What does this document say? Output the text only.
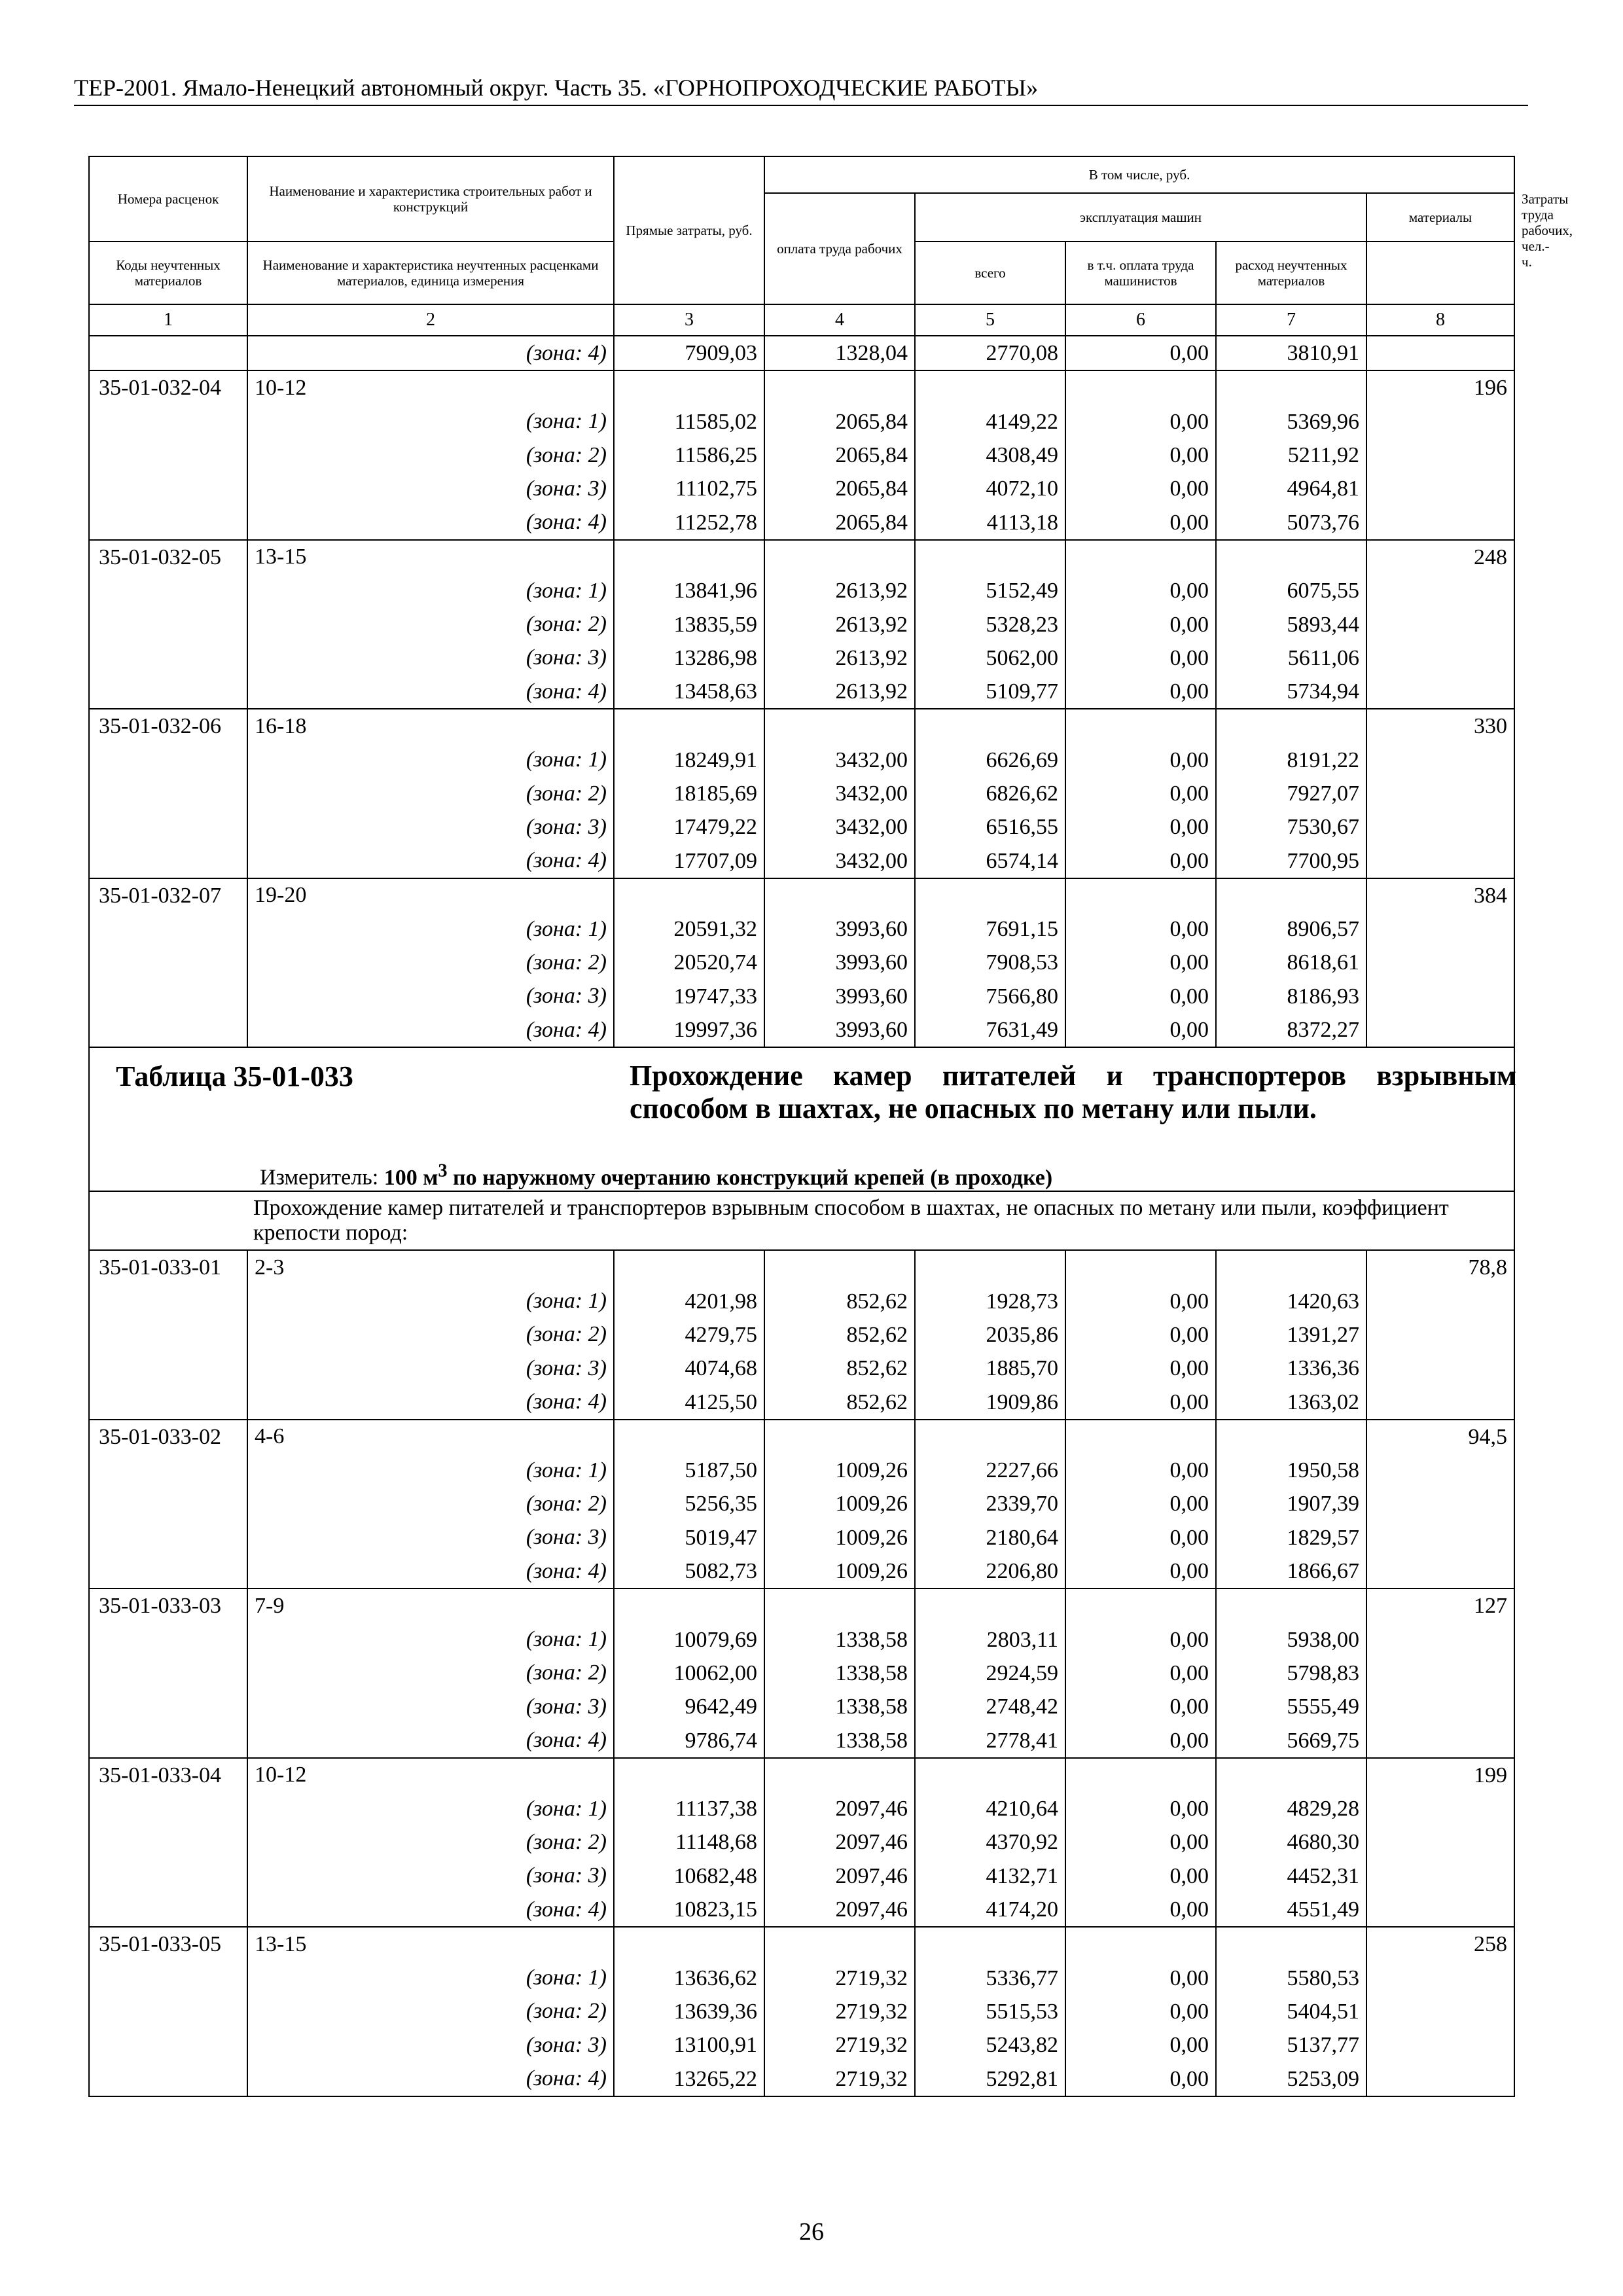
ТЕР-2001. Ямало-Ненецкий автономный округ. Часть 35. «ГОРНОПРОХОДЧЕСКИЕ РАБОТЫ»
Номера расценок	Наименование и характеристика строительных работ и конструкций	Прямые затраты, руб.	В том числе, руб.					Затраты труда рабочих, чел.-ч.
			оплата труда рабочих	эксплуатация машин			материалы	
Коды неучтенных материалов	Наименование и характеристика неучтенных расценками материалов, единица измерения			всего	в т.ч. оплата труда машинистов	расход неучтенных материалов		
1	2	3	4	5	6	7	8	
	(зона: 4)	7909,03	1328,04	2770,08	0,00	3810,91		
35-01-032-04	10-12						196	
	(зона: 1)	11585,02	2065,84	4149,22	0,00	5369,96		
	(зона: 2)	11586,25	2065,84	4308,49	0,00	5211,92		
	(зона: 3)	11102,75	2065,84	4072,10	0,00	4964,81		
	(зона: 4)	11252,78	2065,84	4113,18	0,00	5073,76		
35-01-032-05	13-15						248	
	(зона: 1)	13841,96	2613,92	5152,49	0,00	6075,55		
	(зона: 2)	13835,59	2613,92	5328,23	0,00	5893,44		
	(зона: 3)	13286,98	2613,92	5062,00	0,00	5611,06		
	(зона: 4)	13458,63	2613,92	5109,77	0,00	5734,94		
35-01-032-06	16-18						330	
	(зона: 1)	18249,91	3432,00	6626,69	0,00	8191,22		
	(зона: 2)	18185,69	3432,00	6826,62	0,00	7927,07		
	(зона: 3)	17479,22	3432,00	6516,55	0,00	7530,67		
	(зона: 4)	17707,09	3432,00	6574,14	0,00	7700,95		
35-01-032-07	19-20						384	
	(зона: 1)	20591,32	3993,60	7691,15	0,00	8906,57		
	(зона: 2)	20520,74	3993,60	7908,53	0,00	8618,61		
	(зона: 3)	19747,33	3993,60	7566,80	0,00	8186,93		
	(зона: 4)	19997,36	3993,60	7631,49	0,00	8372,27		

Таблица 35-01-033 Прохождение камер питателей и транспортеров взрывным способом в шахтах, не опасных по метану или пыли.
Измеритель: 100 $м^3$ по наружному очертанию конструкций крепей (в проходке)								

Прохождение камер питателей и транспортеров взрывным способом в шахтах, не опасных по метану или пыли, коэффициент крепости пород:								
35-01-033-01	2-3						78,8	
	(зона: 1)	4201,98	852,62	1928,73	0,00	1420,63		
	(зона: 2)	4279,75	852,62	2035,86	0,00	1391,27		
	(зона: 3)	4074,68	852,62	1885,70	0,00	1336,36		
	(зона: 4)	4125,50	852,62	1909,86	0,00	1363,02		
35-01-033-02	4-6						94,5	
	(зона: 1)	5187,50	1009,26	2227,66	0,00	1950,58		
	(зона: 2)	5256,35	1009,26	2339,70	0,00	1907,39		
	(зона: 3)	5019,47	1009,26	2180,64	0,00	1829,57		
	(зона: 4)	5082,73	1009,26	2206,80	0,00	1866,67		
35-01-033-03	7-9						127	
	(зона: 1)	10079,69	1338,58	2803,11	0,00	5938,00		
	(зона: 2)	10062,00	1338,58	2924,59	0,00	5798,83		
	(зона: 3)	9642,49	1338,58	2748,42	0,00	5555,49		
	(зона: 4)	9786,74	1338,58	2778,41	0,00	5669,75		
35-01-033-04	10-12						199	
	(зона: 1)	11137,38	2097,46	4210,64	0,00	4829,28		
	(зона: 2)	11148,68	2097,46	4370,92	0,00	4680,30		
	(зона: 3)	10682,48	2097,46	4132,71	0,00	4452,31		
	(зона: 4)	10823,15	2097,46	4174,20	0,00	4551,49		
35-01-033-05	13-15						258	
	(зона: 1)	13636,62	2719,32	5336,77	0,00	5580,53		
	(зона: 2)	13639,36	2719,32	5515,53	0,00	5404,51		
	(зона: 3)	13100,91	2719,32	5243,82	0,00	5137,77		
	(зона: 4)	13265,22	2719,32	5292,81	0,00	5253,09		
26
